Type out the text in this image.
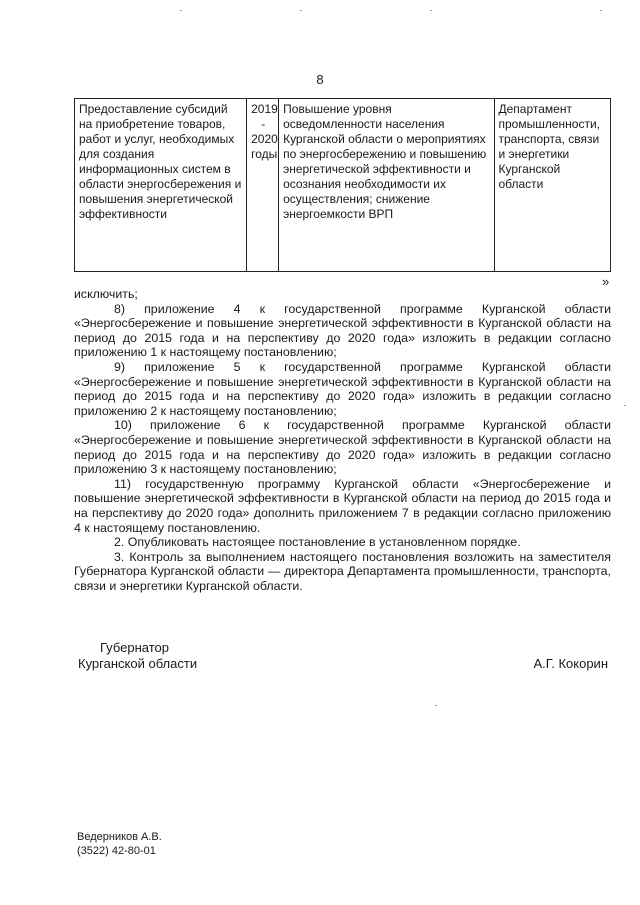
8
Предоставление субсидий на приобретение товаров, работ и услуг, необходимых для создания информационных систем в области энергосбережения и повышения энергетической эффективности	2019 - 2020 годы	Повышение уровня осведомленности населения Курганской области о мероприятиях по энергосбережению и повышению энергетической эффективности и осознания необходимости их осуществления; снижение энергоемкости ВРП	Департамент промышленности, транспорта, связи и энергетики Курганской области
»

исключить;

8) приложение 4 к государственной программе Курганской области «Энергосбережение и повышение энергетической эффективности в Курганской области на период до 2015 года и на перспективу до 2020 года» изложить в редакции согласно приложению 1 к настоящему постановлению;

9) приложение 5 к государственной программе Курганской области «Энергосбережение и повышение энергетической эффективности в Курганской области на период до 2015 года и на перспективу до 2020 года» изложить в редакции согласно приложению 2 к настоящему постановлению;

10) приложение 6 к государственной программе Курганской области «Энергосбережение и повышение энергетической эффективности в Курганской области на период до 2015 года и на перспективу до 2020 года» изложить в редакции согласно приложению 3 к настоящему постановлению;

11) государственную программу Курганской области «Энергосбережение и повышение энергетической эффективности в Курганской области на период до 2015 года и на перспективу до 2020 года» дополнить приложением 7 в редакции согласно приложению 4 к настоящему постановлению.

2. Опубликовать настоящее постановление в установленном порядке.

3. Контроль за выполнением настоящего постановления возложить на заместителя Губернатора Курганской области — директора Департамента промышленности, транспорта, связи и энергетики Курганской области.

Губернатор
Курганской области	А.Г. Кокорин
Ведерников А.В.
(3522) 42-80-01
